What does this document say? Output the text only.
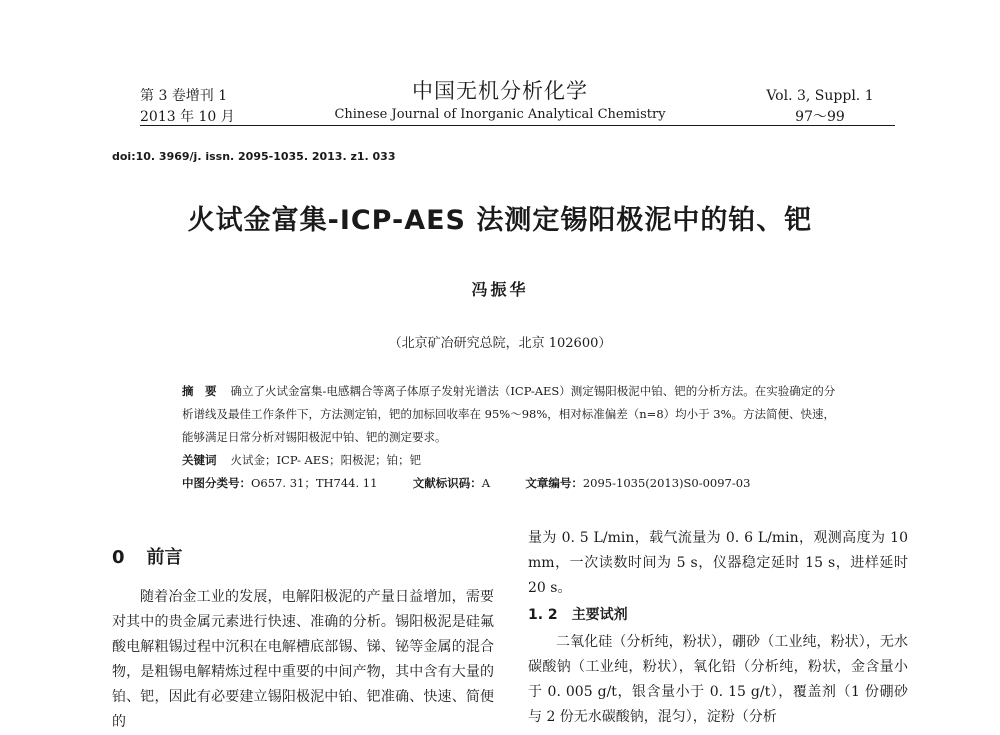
第 3 卷增刊 1
2013 年 10 月
中国无机分析化学
Chinese Journal of Inorganic Analytical Chemistry
Vol. 3, Suppl. 1
97～99
doi:10. 3969/j. issn. 2095-1035. 2013. z1. 033
火试金富集-ICP-AES 法测定锡阳极泥中的铂、钯
冯振华
（北京矿冶研究总院，北京 102600）
摘　要 确立了火试金富集-电感耦合等离子体原子发射光谱法（ICP-AES）测定锡阳极泥中铂、钯的分析方法。在实验确定的分析谱线及最佳工作条件下，方法测定铂，钯的加标回收率在 95%～98%，相对标准偏差（n=8）均小于 3%。方法简便、快速，能够满足日常分析对锡阳极泥中铂、钯的测定要求。
关键词 火试金；ICP- AES；阳极泥；铂；钯
中图分类号：O657. 31；TH744. 11	文献标识码：A	文章编号：2095-1035(2013)S0-0097-03
0 前言
随着冶金工业的发展，电解阳极泥的产量日益增加，需要对其中的贵金属元素进行快速、准确的分析。锡阳极泥是硅氟酸电解粗锡过程中沉积在电解槽底部锡、锑、铋等金属的混合物，是粗锡电解精炼过程中重要的中间产物，其中含有大量的铂、钯，因此有必要建立锡阳极泥中铂、钯准确、快速、简便的
量为 0. 5 L/min，载气流量为 0. 6 L/min，观测高度为 10 mm，一次读数时间为 5 s，仪器稳定延时 15 s，进样延时 20 s。
1. 2 主要试剂
二氧化硅（分析纯，粉状），硼砂（工业纯，粉状），无水碳酸钠（工业纯，粉状），氧化铅（分析纯，粉状，金含量小于 0. 005 g/t，银含量小于 0. 15 g/t），覆盖剂（1 份硼砂与 2 份无水碳酸钠，混匀），淀粉（分析
